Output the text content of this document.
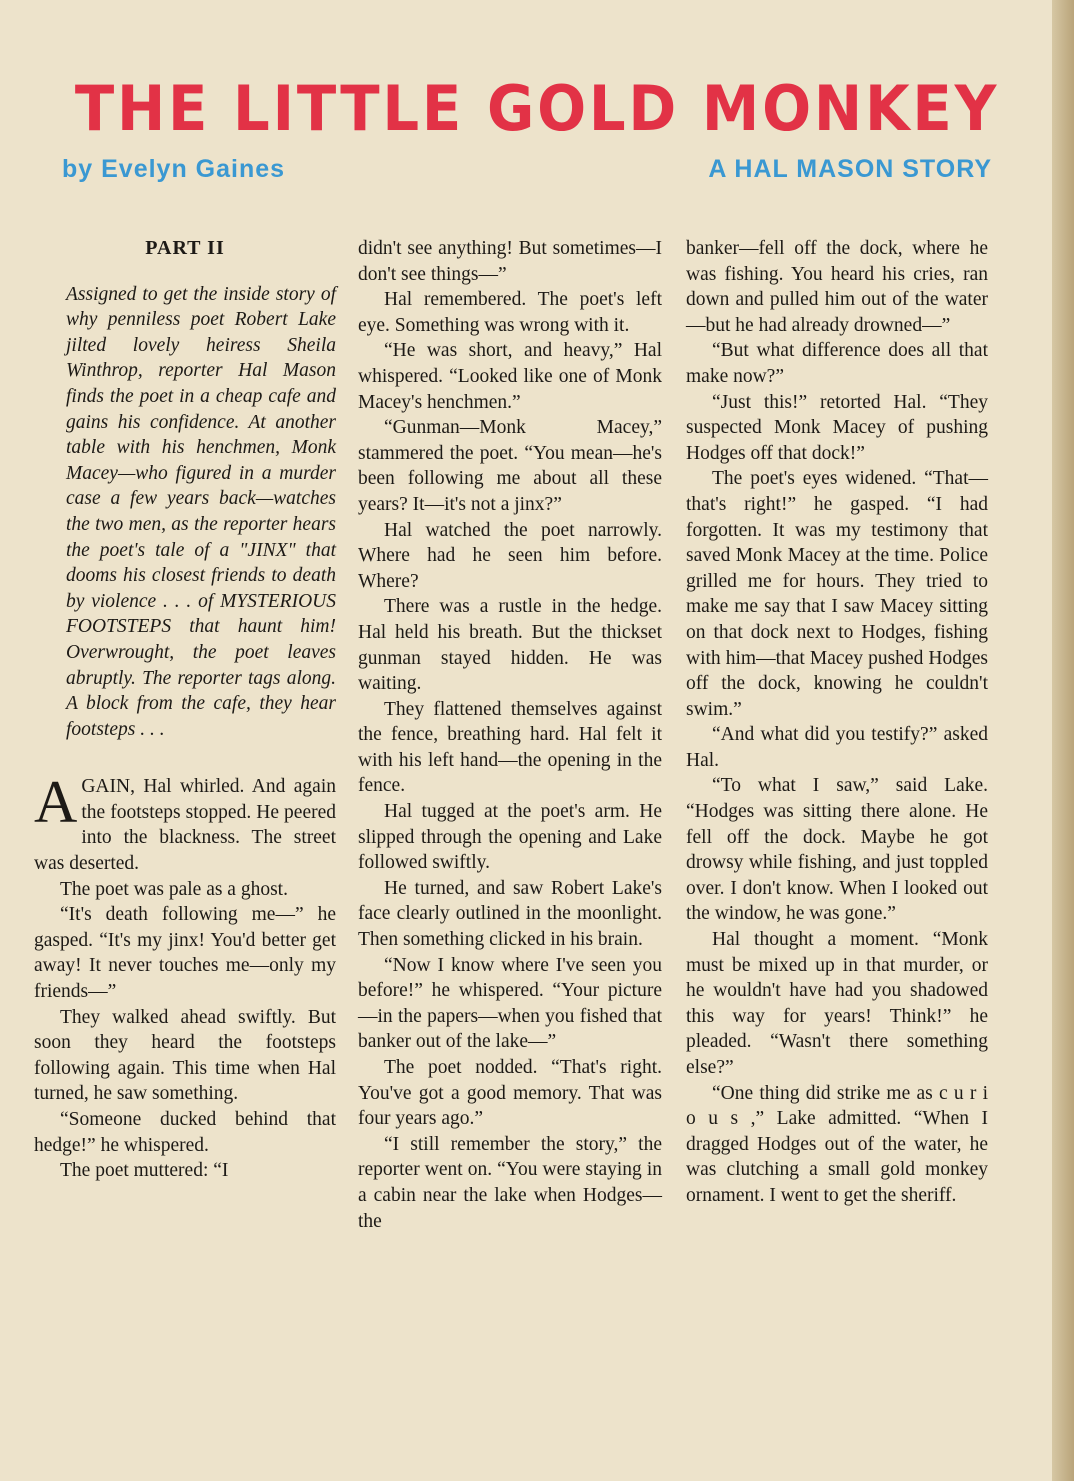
THE LITTLE GOLD MONKEY
by Evelyn Gaines	A HAL MASON STORY
PART II
Assigned to get the inside story of why penniless poet Robert Lake jilted lovely heiress Sheila Winthrop, reporter Hal Mason finds the poet in a cheap cafe and gains his confidence. At another table with his henchmen, Monk Macey—who figured in a murder case a few years back—watches the two men, as the reporter hears the poet's tale of a "JINX" that dooms his closest friends to death by violence . . . of MYSTERIOUS FOOTSTEPS that haunt him! Overwrought, the poet leaves abruptly. The reporter tags along. A block from the cafe, they hear footsteps . . .

AGAIN, Hal whirled. And again the footsteps stopped. He peered into the blackness. The street was deserted.

The poet was pale as a ghost.

“It's death following me—” he gasped. “It's my jinx! You'd better get away! It never touches me—only my friends—”

They walked ahead swiftly. But soon they heard the footsteps following again. This time when Hal turned, he saw something.

“Someone ducked behind that hedge!” he whispered.

The poet muttered: “I

didn't see anything! But sometimes—I don't see things—”

Hal remembered. The poet's left eye. Something was wrong with it.

“He was short, and heavy,” Hal whispered. “Looked like one of Monk Macey's henchmen.”

“Gunman—Monk Macey,” stammered the poet. “You mean—he's been following me about all these years? It—it's not a jinx?”

Hal watched the poet narrowly. Where had he seen him before. Where?

There was a rustle in the hedge. Hal held his breath. But the thickset gunman stayed hidden. He was waiting.

They flattened themselves against the fence, breathing hard. Hal felt it with his left hand—the opening in the fence.

Hal tugged at the poet's arm. He slipped through the opening and Lake followed swiftly.

He turned, and saw Robert Lake's face clearly outlined in the moonlight. Then something clicked in his brain.

“Now I know where I've seen you before!” he whispered. “Your picture—in the papers—when you fished that banker out of the lake—”

The poet nodded. “That's right. You've got a good memory. That was four years ago.”

“I still remember the story,” the reporter went on. “You were staying in a cabin near the lake when Hodges—the

banker—fell off the dock, where he was fishing. You heard his cries, ran down and pulled him out of the water—but he had already drowned—”

“But what difference does all that make now?”

“Just this!” retorted Hal. “They suspected Monk Macey of pushing Hodges off that dock!”

The poet's eyes widened. “That—that's right!” he gasped. “I had forgotten. It was my testimony that saved Monk Macey at the time. Police grilled me for hours. They tried to make me say that I saw Macey sitting on that dock next to Hodges, fishing with him—that Macey pushed Hodges off the dock, knowing he couldn't swim.”

“And what did you testify?” asked Hal.

“To what I saw,” said Lake. “Hodges was sitting there alone. He fell off the dock. Maybe he got drowsy while fishing, and just toppled over. I don't know. When I looked out the window, he was gone.”

Hal thought a moment. “Monk must be mixed up in that murder, or he wouldn't have had you shadowed this way for years! Think!” he pleaded. “Wasn't there something else?”

“One thing did strike me as c u r i o u s ,” Lake admitted. “When I dragged Hodges out of the water, he was clutching a small gold monkey ornament. I went to get the sheriff.
